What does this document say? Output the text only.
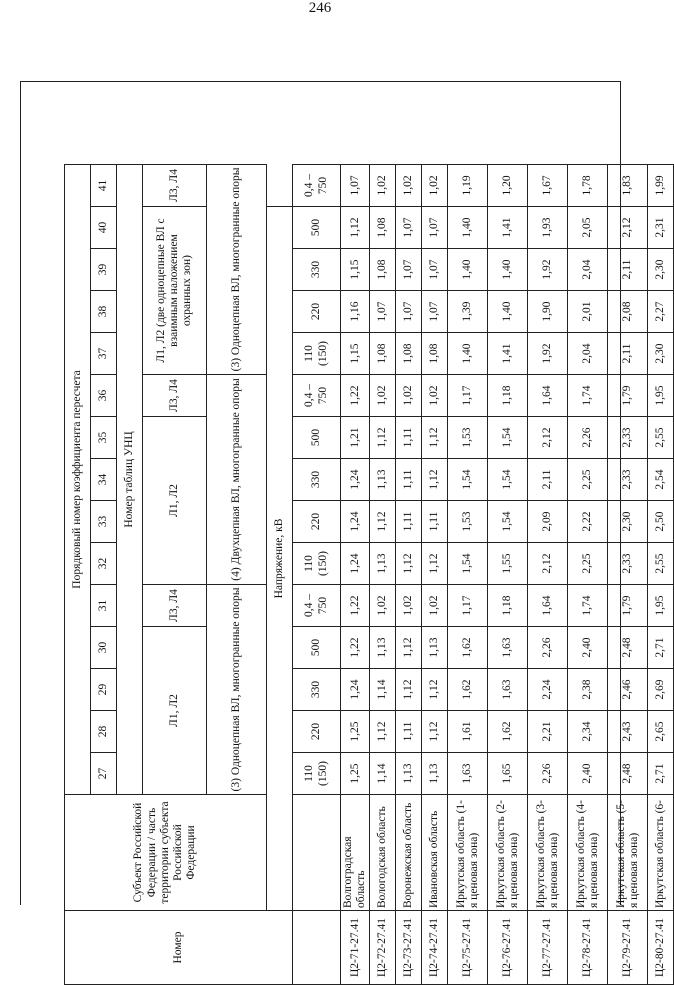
246
Номер	Субъект Российской Федерации / часть территории субъекта Российской Федерации	Порядковый номер коэффициента пересчета														
		27	28	29	30	31	32	33	34	35	36	37	38	39	40	41
		Номер таблиц УНЦ														
		Л1, Л2				Л3, Л4	Л1, Л2				Л3, Л4	Л1, Л2 (две одноцепные ВЛ с взаимным наложением охранных зон)				Л3, Л4
		(3) Одноцепная ВЛ, многогранные опоры					(4) Двухцепная ВЛ, многогранные опоры					(3) Одноцепная ВЛ, многогранные опоры				
	Напряжение, кВ															
		110 (150)	220	330	500	0,4 – 750	110 (150)	220	330	500	0,4 – 750	110 (150)	220	330	500	0,4 – 750
Ц2-71-27.41	Волгоградская область	1,25	1,25	1,24	1,22	1,22	1,24	1,24	1,24	1,21	1,22	1,15	1,16	1,15	1,12	1,07
Ц2-72-27.41	Вологодская область	1,14	1,12	1,14	1,13	1,02	1,13	1,12	1,13	1,12	1,02	1,08	1,07	1,08	1,08	1,02
Ц2-73-27.41	Воронежская область	1,13	1,11	1,12	1,12	1,02	1,12	1,11	1,11	1,11	1,02	1,08	1,07	1,07	1,07	1,02
Ц2-74-27.41	Ивановская область	1,13	1,12	1,12	1,13	1,02	1,12	1,11	1,12	1,12	1,02	1,08	1,07	1,07	1,07	1,02
Ц2-75-27.41	Иркутская область (1-я ценовая зона)	1,63	1,61	1,62	1,62	1,17	1,54	1,53	1,54	1,53	1,17	1,40	1,39	1,40	1,40	1,19
Ц2-76-27.41	Иркутская область (2-я ценовая зона)	1,65	1,62	1,63	1,63	1,18	1,55	1,54	1,54	1,54	1,18	1,41	1,40	1,40	1,41	1,20
Ц2-77-27.41	Иркутская область (3-я ценовая зона)	2,26	2,21	2,24	2,26	1,64	2,12	2,09	2,11	2,12	1,64	1,92	1,90	1,92	1,93	1,67
Ц2-78-27.41	Иркутская область (4-я ценовая зона)	2,40	2,34	2,38	2,40	1,74	2,25	2,22	2,25	2,26	1,74	2,04	2,01	2,04	2,05	1,78
Ц2-79-27.41	Иркутская область (5-я ценовая зона)	2,48	2,43	2,46	2,48	1,79	2,33	2,30	2,33	2,33	1,79	2,11	2,08	2,11	2,12	1,83
Ц2-80-27.41	Иркутская область (6-	2,71	2,65	2,69	2,71	1,95	2,55	2,50	2,54	2,55	1,95	2,30	2,27	2,30	2,31	1,99
